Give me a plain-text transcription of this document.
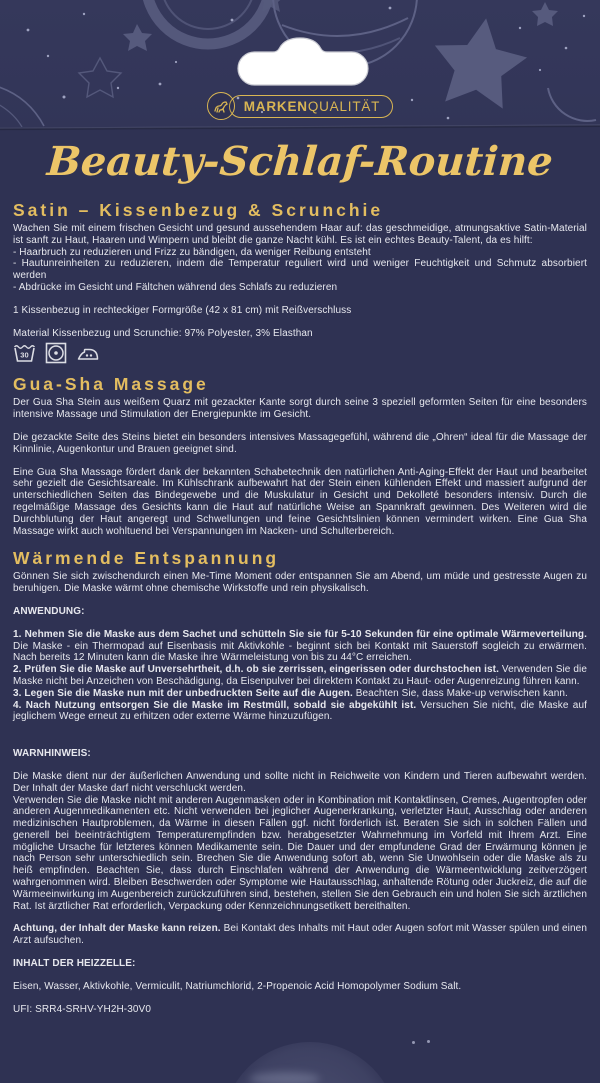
MARKENQUALITÄT
Beauty-Schlaf-Routine
Satin – Kissenbezug & Scrunchie

Wachen Sie mit einem frischen Gesicht und gesund aussehendem Haar auf: das geschmeidige, atmungsaktive Satin-Material ist sanft zu Haut, Haaren und Wimpern und bleibt die ganze Nacht kühl. Es ist ein echtes Beauty-Talent, da es hilft:

- Haarbruch zu reduzieren und Frizz zu bändigen, da weniger Reibung entsteht

- Hautunreinheiten zu reduzieren, indem die Temperatur reguliert wird und weniger Feuchtigkeit und Schmutz absorbiert werden

- Abdrücke im Gesicht und Fältchen während des Schlafs zu reduzieren

1 Kissenbezug in rechteckiger Formgröße (42 x 81 cm) mit Reißverschluss

Material Kissenbezug und Scrunchie: 97% Polyester, 3% Elasthan

30
Gua-Sha Massage

Der Gua Sha Stein aus weißem Quarz mit gezackter Kante sorgt durch seine 3 speziell geformten Seiten für eine besonders intensive Massage und Stimulation der Energiepunkte im Gesicht.

Die gezackte Seite des Steins bietet ein besonders intensives Massagegefühl, während die „Ohren“ ideal für die Massage der Kinnlinie, Augenkontur und Brauen geeignet sind.

Eine Gua Sha Massage fördert dank der bekannten Schabetechnik den natürlichen Anti-Aging-Effekt der Haut und bearbeitet sehr gezielt die Gesichtsareale. Im Kühlschrank aufbewahrt hat der Stein einen kühlenden Effekt und massiert aufgrund der unterschiedlichen Seiten das Bindegewebe und die Muskulatur in Gesicht und Dekolleté besonders intensiv. Durch die regelmäßige Massage des Gesichts kann die Haut auf natürliche Weise an Spannkraft gewinnen. Des Weiteren wird die Durchblutung der Haut angeregt und Schwellungen und feine Gesichtslinien können vermindert wirken. Eine Gua Sha Massage wirkt auch wohltuend bei Verspannungen im Nacken- und Schulterbereich.

Wärmende Entspannung

Gönnen Sie sich zwischendurch einen Me-Time Moment oder entspannen Sie am Abend, um müde und gestresste Augen zu beruhigen. Die Maske wärmt ohne chemische Wirkstoffe und rein physikalisch.

ANWENDUNG:

1. Nehmen Sie die Maske aus dem Sachet und schütteln Sie sie für 5-10 Sekunden für eine optimale Wärmeverteilung. Die Maske - ein Thermopad auf Eisenbasis mit Aktivkohle - beginnt sich bei Kontakt mit Sauerstoff sogleich zu erwärmen. Nach bereits 12 Minuten kann die Maske ihre Wärmeleistung von bis zu 44°C erreichen.

2. Prüfen Sie die Maske auf Unversehrtheit, d.h. ob sie zerrissen, eingerissen oder durchstochen ist. Verwenden Sie die Maske nicht bei Anzeichen von Beschädigung, da Eisenpulver bei direktem Kontakt zu Haut- oder Augenreizung führen kann.

3. Legen Sie die Maske nun mit der unbedruckten Seite auf die Augen. Beachten Sie, dass Make-up verwischen kann.

4. Nach Nutzung entsorgen Sie die Maske im Restmüll, sobald sie abgekühlt ist. Versuchen Sie nicht, die Maske auf jeglichem Wege erneut zu erhitzen oder externe Wärme hinzuzufügen.

WARNHINWEIS:

Die Maske dient nur der äußerlichen Anwendung und sollte nicht in Reichweite von Kindern und Tieren aufbewahrt werden. Der Inhalt der Maske darf nicht verschluckt werden.

Verwenden Sie die Maske nicht mit anderen Augenmasken oder in Kombination mit Kontaktlinsen, Cremes, Augentropfen oder anderen Augenmedikamenten etc. Nicht verwenden bei jeglicher Augenerkrankung, verletzter Haut, Ausschlag oder anderen medizinischen Hautproblemen, da Wärme in diesen Fällen ggf. nicht förderlich ist. Beraten Sie sich in solchen Fällen und generell bei beeinträchtigtem Temperaturempfinden bzw. herabgesetzter Wahrnehmung im Vorfeld mit Ihrem Arzt. Eine mögliche Ursache für letzteres können Medikamente sein. Die Dauer und der empfundene Grad der Erwärmung können je nach Person sehr unterschiedlich sein. Brechen Sie die Anwendung sofort ab, wenn Sie Unwohlsein oder die Maske als zu heiß empfinden. Beachten Sie, dass durch Einschlafen während der Anwendung die Wärmeentwicklung zeitverzögert wahrgenommen wird. Bleiben Beschwerden oder Symptome wie Hautausschlag, anhaltende Rötung oder Juckreiz, die auf die Wärmeeinwirkung im Augenbereich zurückzuführen sind, bestehen, stellen Sie den Gebrauch ein und holen Sie sich ärztlichen Rat. Ist ärztlicher Rat erforderlich, Verpackung oder Kennzeichnungsetikett bereithalten.

Achtung, der Inhalt der Maske kann reizen. Bei Kontakt des Inhalts mit Haut oder Augen sofort mit Wasser spülen und einen Arzt aufsuchen.

INHALT DER HEIZZELLE:

Eisen, Wasser, Aktivkohle, Vermiculit, Natriumchlorid, 2-Propenoic Acid Homopolymer Sodium Salt.

UFI: SRR4-SRHV-YH2H-30V0
